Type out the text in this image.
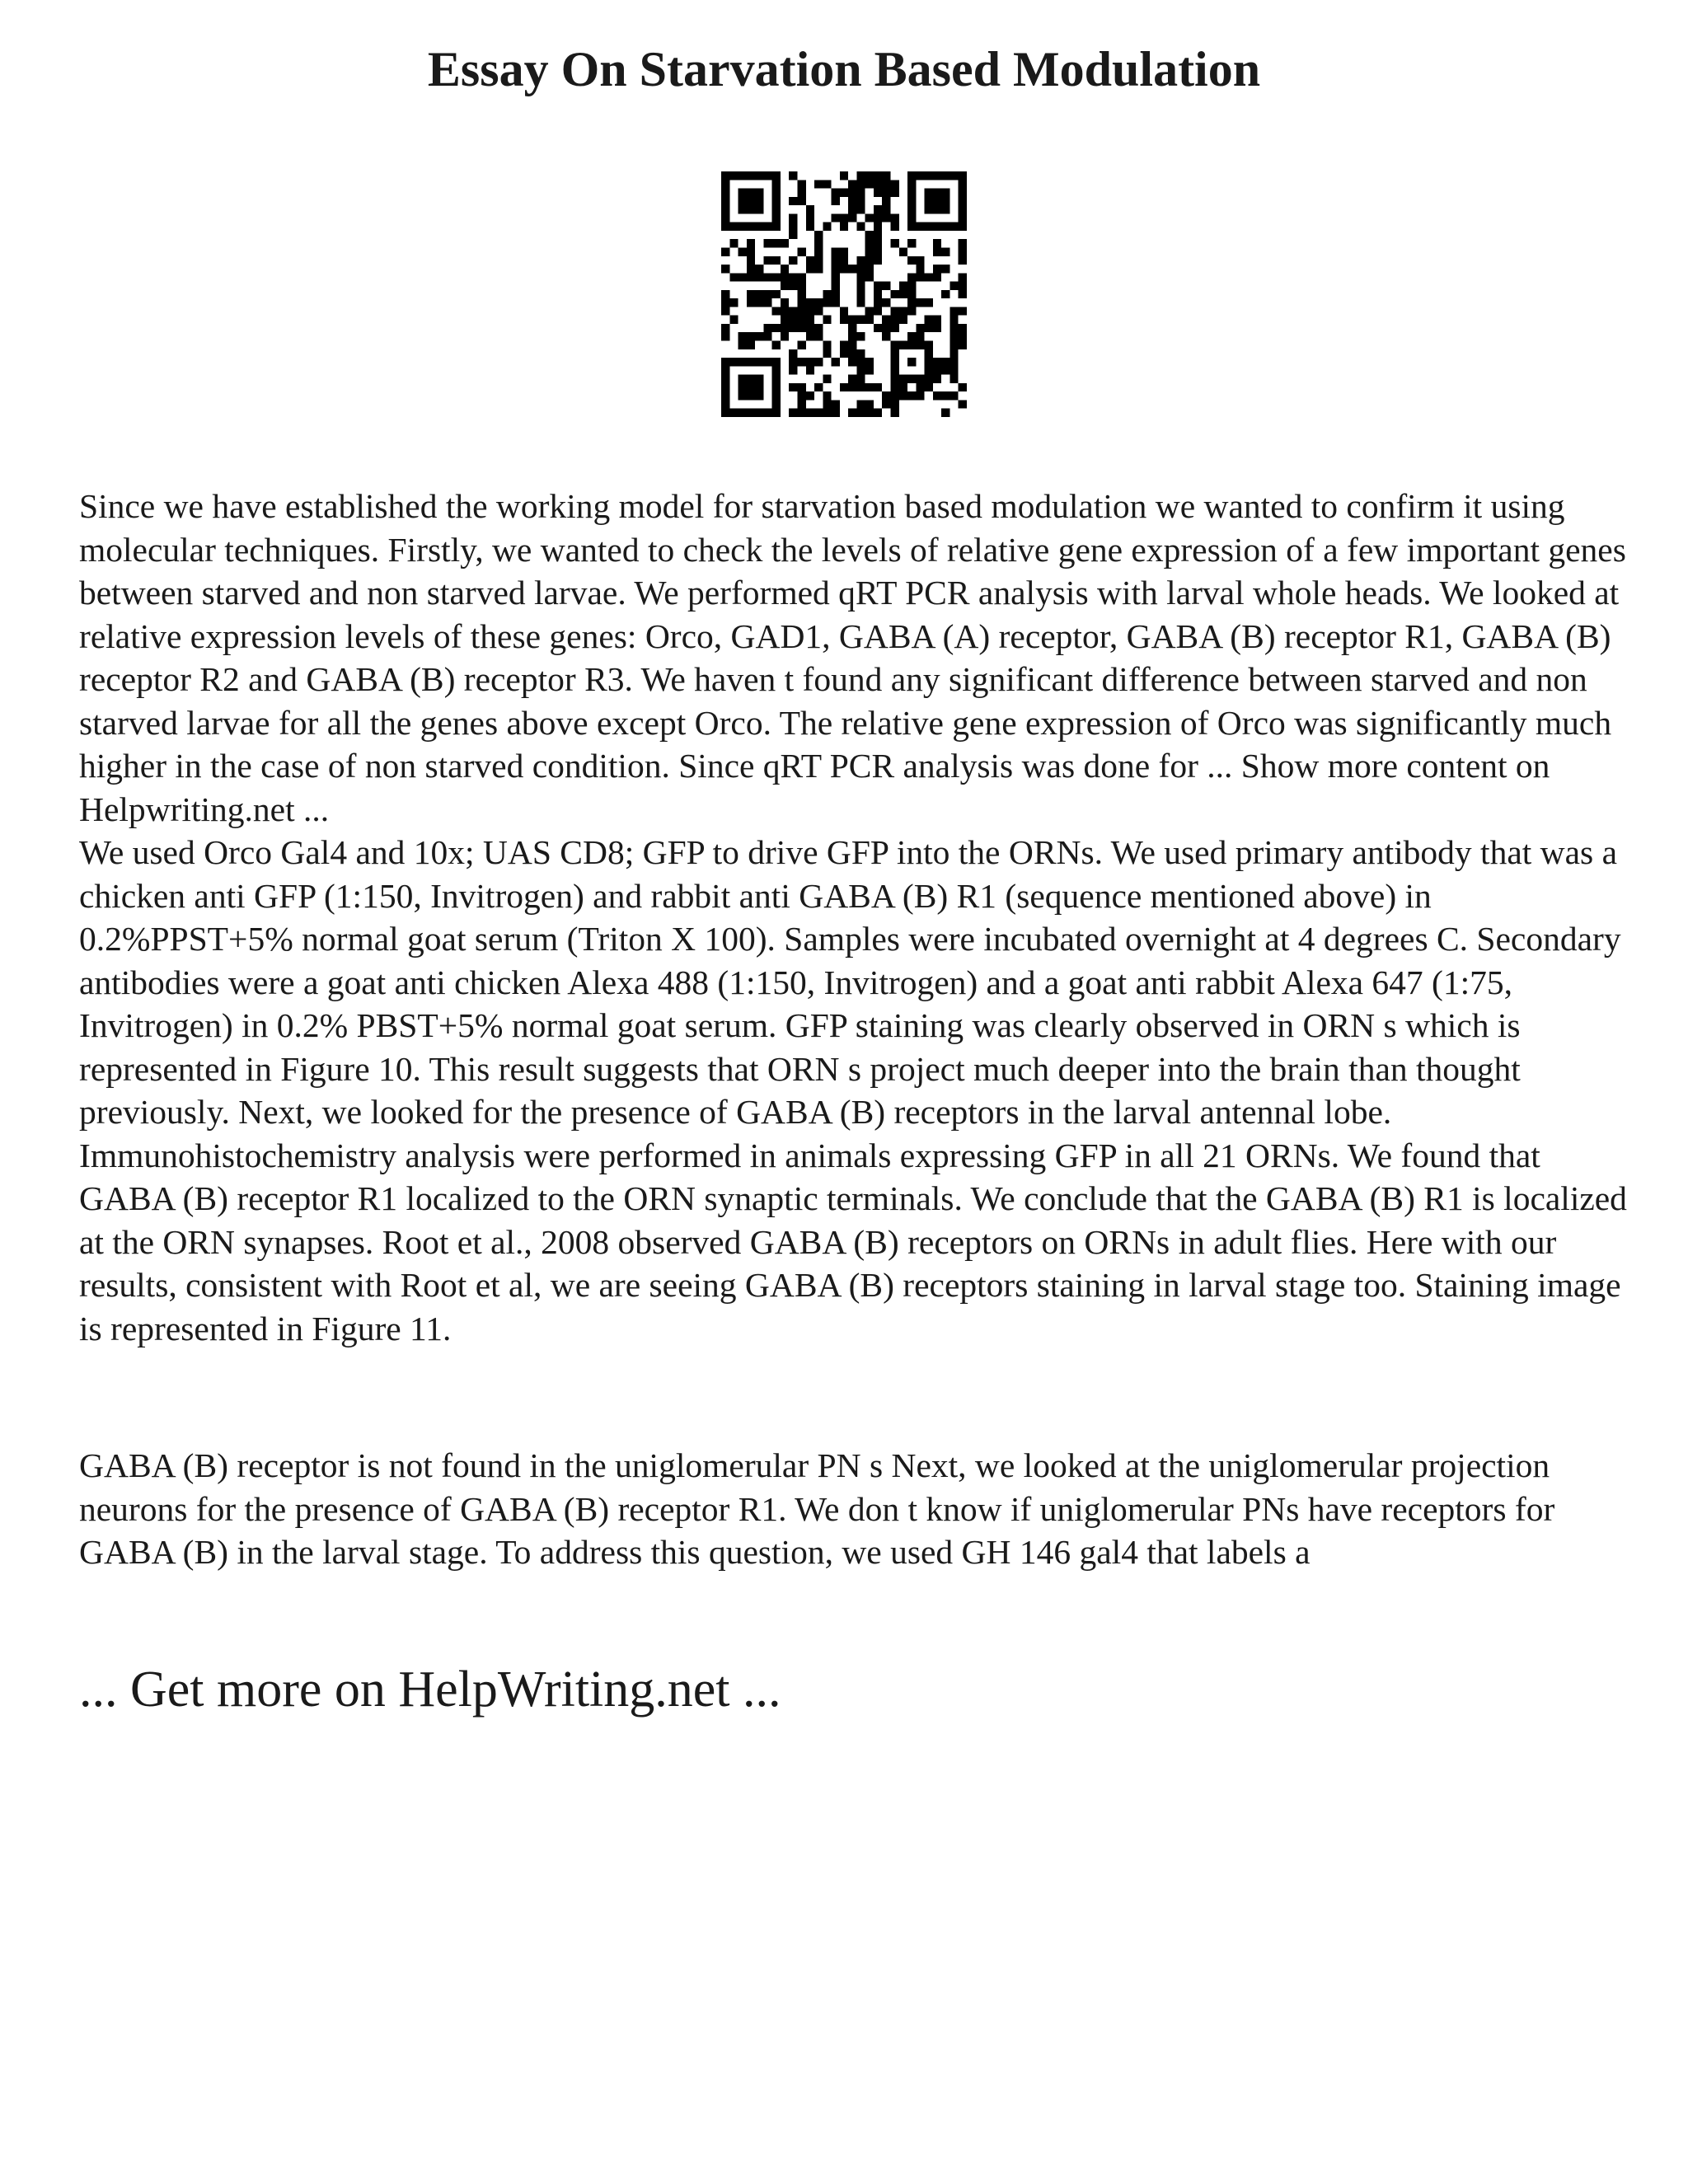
Essay On Starvation Based Modulation

Since we have established the working model for starvation based modulation we wanted to confirm it using molecular techniques. Firstly, we wanted to check the levels of relative gene expression of a few important genes between starved and non starved larvae. We performed qRT PCR analysis with larval whole heads. We looked at relative expression levels of these genes: Orco, GAD1, GABA (A) receptor, GABA (B) receptor R1, GABA (B) receptor R2 and GABA (B) receptor R3. We haven t found any significant difference between starved and non starved larvae for all the genes above except Orco. The relative gene expression of Orco was significantly much higher in the case of non starved condition. Since qRT PCR analysis was done for ... Show more content on Helpwriting.net ...
We used Orco Gal4 and 10x; UAS CD8; GFP to drive GFP into the ORNs. We used primary antibody that was a chicken anti GFP (1:150, Invitrogen) and rabbit anti GABA (B) R1 (sequence mentioned above) in 0.2%PPST+5% normal goat serum (Triton X 100). Samples were incubated overnight at 4 degrees C. Secondary antibodies were a goat anti chicken Alexa 488 (1:150, Invitrogen) and a goat anti rabbit Alexa 647 (1:75, Invitrogen) in 0.2% PBST+5% normal goat serum. GFP staining was clearly observed in ORN s which is represented in Figure 10. This result suggests that ORN s project much deeper into the brain than thought previously. Next, we looked for the presence of GABA (B) receptors in the larval antennal lobe. Immunohistochemistry analysis were performed in animals expressing GFP in all 21 ORNs. We found that GABA (B) receptor R1 localized to the ORN synaptic terminals. We conclude that the GABA (B) R1 is localized at the ORN synapses. Root et al., 2008 observed GABA (B) receptors on ORNs in adult flies. Here with our results, consistent with Root et al, we are seeing GABA (B) receptors staining in larval stage too. Staining image is represented in Figure 11.

GABA (B) receptor is not found in the uniglomerular PN s Next, we looked at the uniglomerular projection neurons for the presence of GABA (B) receptor R1. We don t know if uniglomerular PNs have receptors for GABA (B) in the larval stage. To address this question, we used GH 146 gal4 that labels a

... Get more on HelpWriting.net ...
